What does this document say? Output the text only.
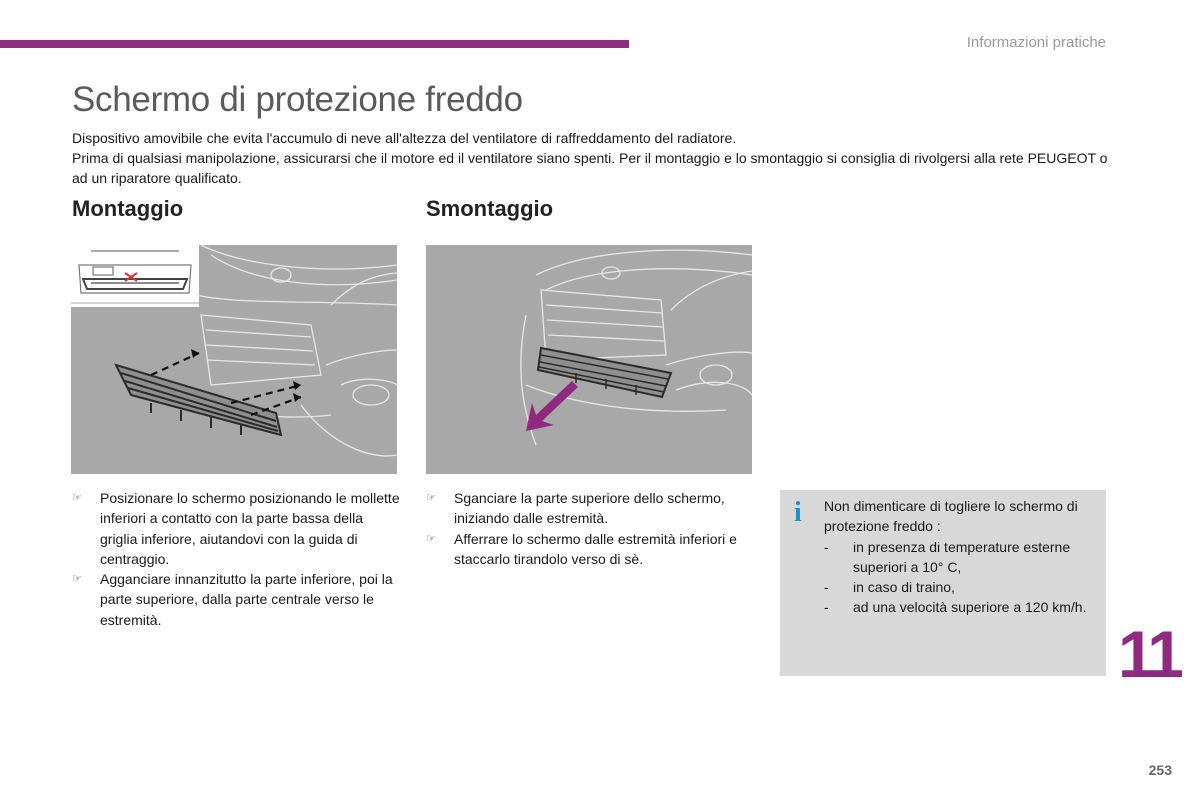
Informazioni pratiche
Schermo di protezione freddo

Dispositivo amovibile che evita l'accumulo di neve all'altezza del ventilatore di raffreddamento del radiatore.

Prima di qualsiasi manipolazione, assicurarsi che il motore ed il ventilatore siano spenti. Per il montaggio e lo smontaggio si consiglia di rivolgersi alla rete PEUGEOT o ad un riparatore qualificato.

Montaggio
☞ Posizionare lo schermo posizionando le mollette inferiori a contatto con la parte bassa della griglia inferiore, aiutandovi con la guida di centraggio.
☞ Agganciare innanzitutto la parte inferiore, poi la parte superiore, dalla parte centrale verso le estremità.
Smontaggio
☞ Sganciare la parte superiore dello schermo, iniziando dalle estremità.
☞ Afferrare lo schermo dalle estremità inferiori e staccarlo tirandolo verso di sè.
i Non dimenticare di togliere lo schermo di protezione freddo :
- in presenza di temperature esterne superiori a 10° C,
- in caso di traino,
- ad una velocità superiore a 120 km/h.
11
253
